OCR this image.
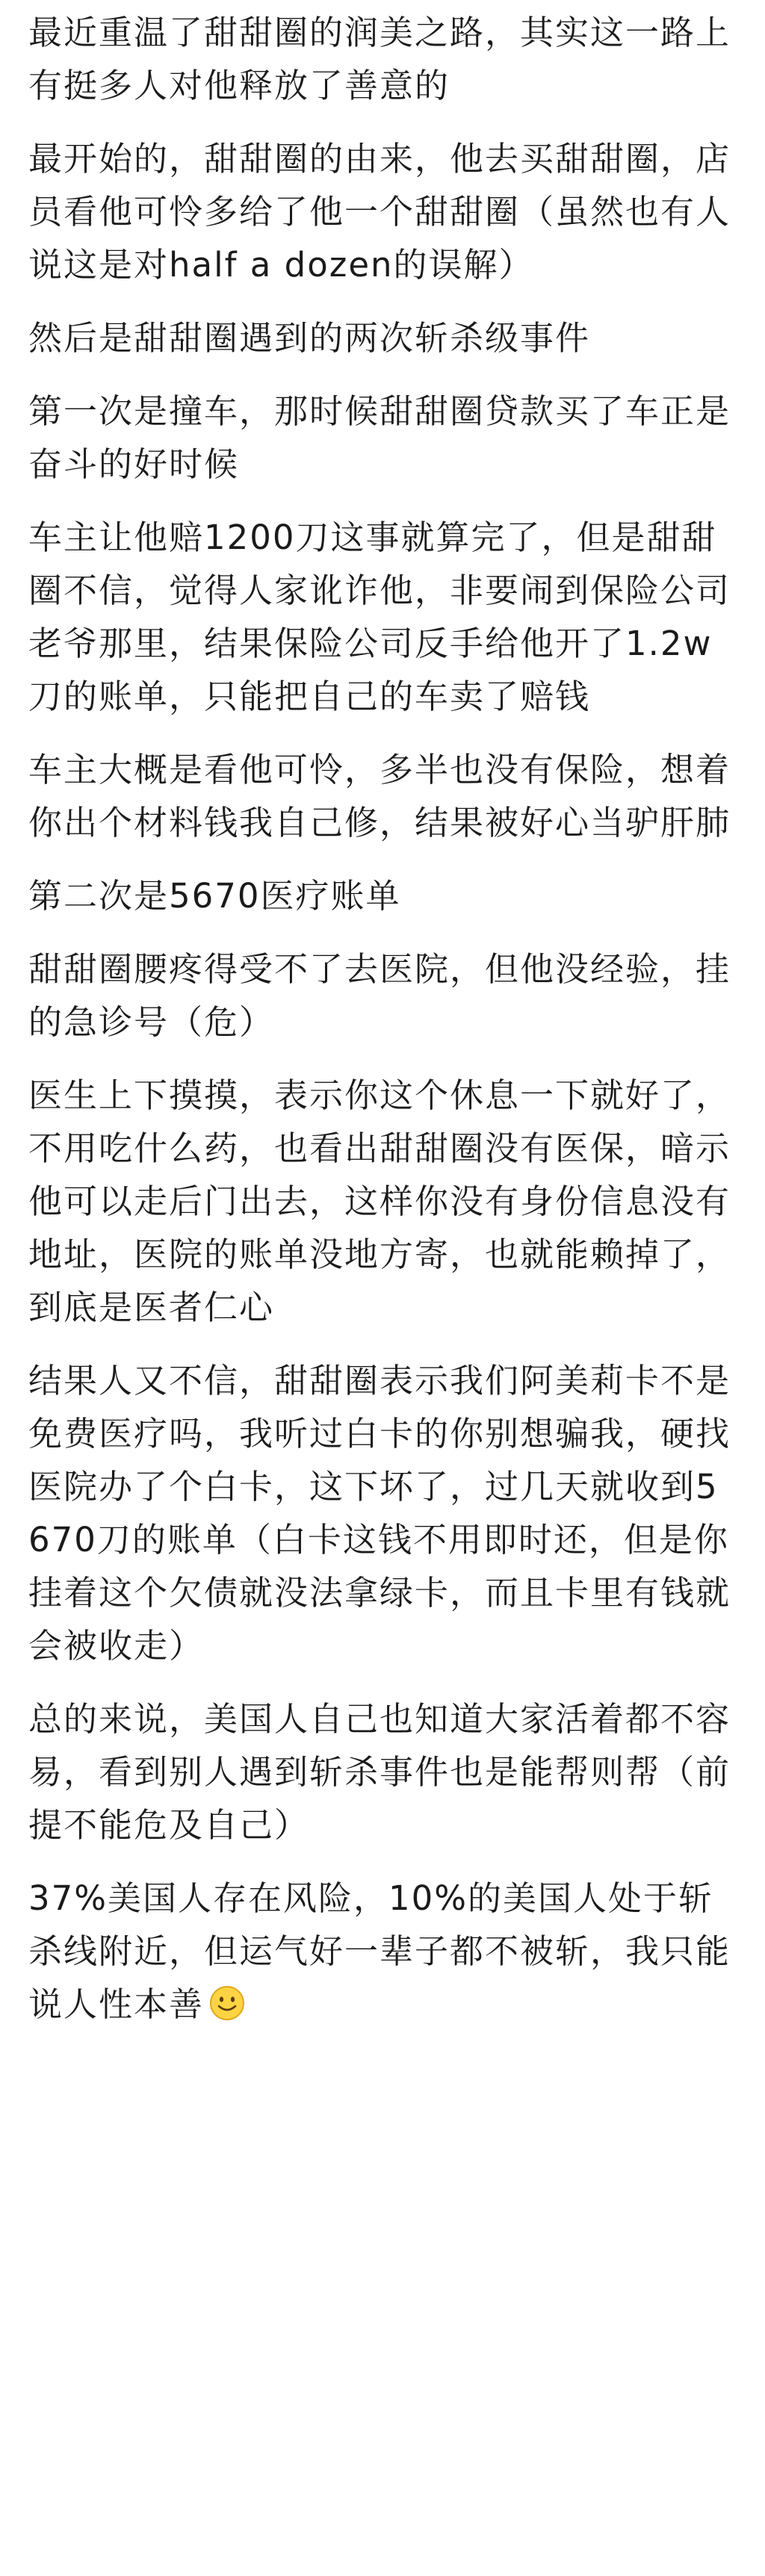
最近重温了甜甜圈的润美之路，其实这一路上有挺多人对他释放了善意的

最开始的，甜甜圈的由来，他去买甜甜圈，店员看他可怜多给了他一个甜甜圈（虽然也有人说这是对half a dozen的误解）

然后是甜甜圈遇到的两次斩杀级事件

第一次是撞车，那时候甜甜圈贷款买了车正是奋斗的好时候

车主让他赔1200刀这事就算完了，但是甜甜圈不信，觉得人家讹诈他，非要闹到保险公司老爷那里，结果保险公司反手给他开了1.2w刀的账单，只能把自己的车卖了赔钱

车主大概是看他可怜，多半也没有保险，想着你出个材料钱我自己修，结果被好心当驴肝肺

第二次是5670医疗账单

甜甜圈腰疼得受不了去医院，但他没经验，挂的急诊号（危）

医生上下摸摸，表示你这个休息一下就好了，不用吃什么药，也看出甜甜圈没有医保，暗示他可以走后门出去，这样你没有身份信息没有地址，医院的账单没地方寄，也就能赖掉了，到底是医者仁心

结果人又不信，甜甜圈表示我们阿美莉卡不是免费医疗吗，我听过白卡的你别想骗我，硬找医院办了个白卡，这下坏了，过几天就收到5670刀的账单（白卡这钱不用即时还，但是你挂着这个欠债就没法拿绿卡，而且卡里有钱就会被收走）

总的来说，美国人自己也知道大家活着都不容易，看到别人遇到斩杀事件也是能帮则帮（前提不能危及自己）

37%美国人存在风险，10%的美国人处于斩杀线附近，但运气好一辈子都不被斩，我只能说人性本善
